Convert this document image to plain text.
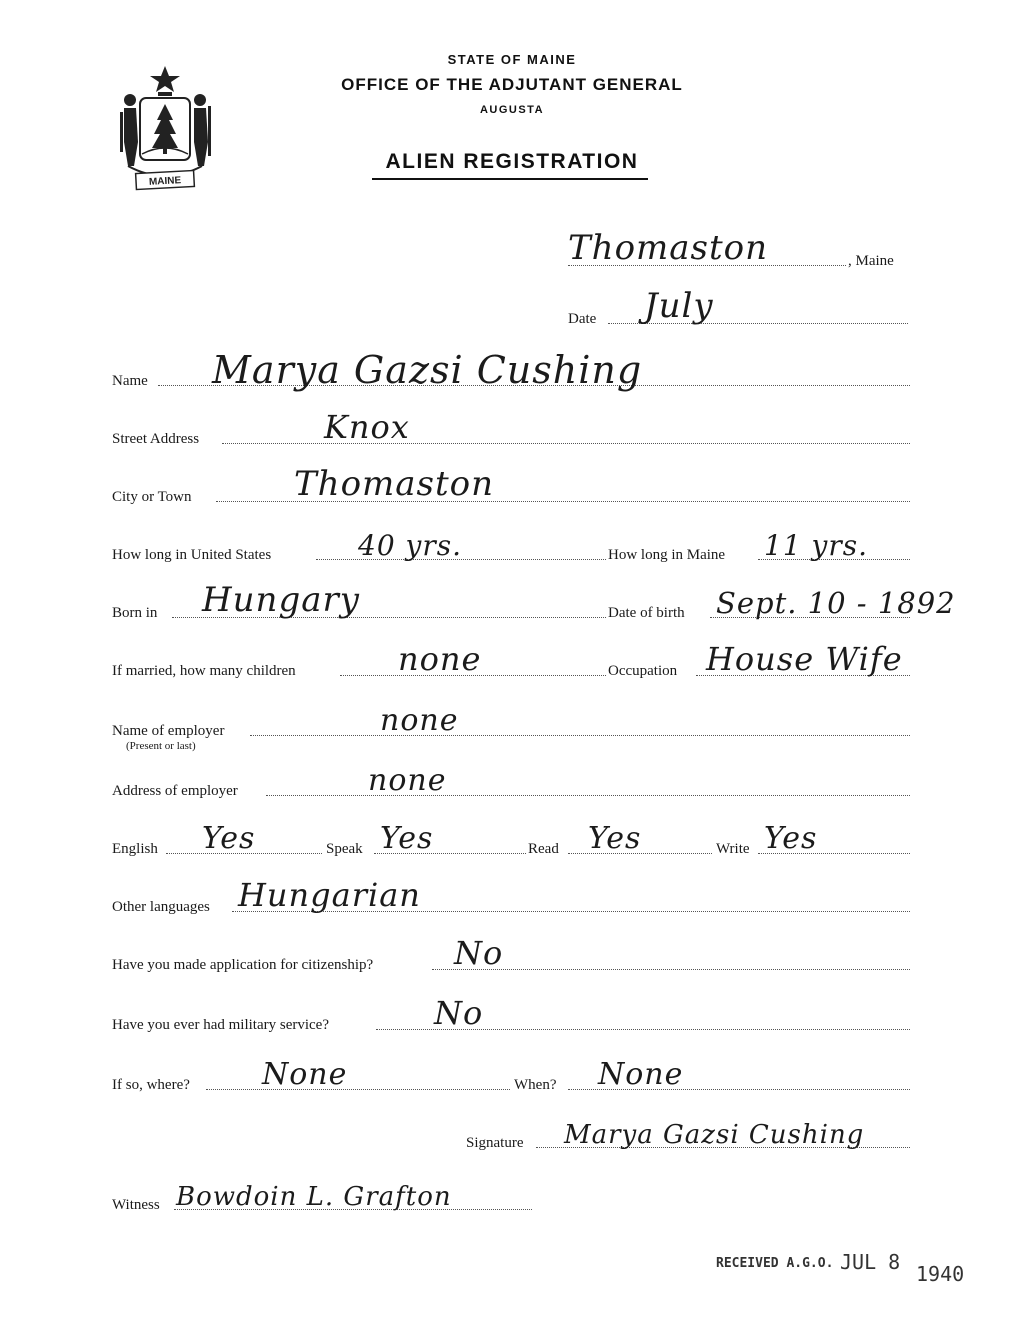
MAINE
STATE OF MAINE
OFFICE OF THE ADJUTANT GENERAL
AUGUSTA
ALIEN REGISTRATION
Thomaston	, Maine
Date July
Name Marya Gazsi Cushing
Street Address	Knox
City or Town	Thomaston
How long in United States	40 yrs.	How long in Maine 11 yrs.
Born in Hungary	Date of birth Sept. 10 - 1892
If married, how many children	none	Occupation House Wife
Name of employer	none
(Present or last)
Address of employer	none
English Yes	Speak Yes	Read Yes	Write Yes
Other languages Hungarian
Have you made application for citizenship?	No
Have you ever had military service?	No
If so, where? None	When? None
Signature Marya Gazsi Cushing
Witness Bowdoin L. Grafton
RECEIVED A.G.O. JUL 8 1940
